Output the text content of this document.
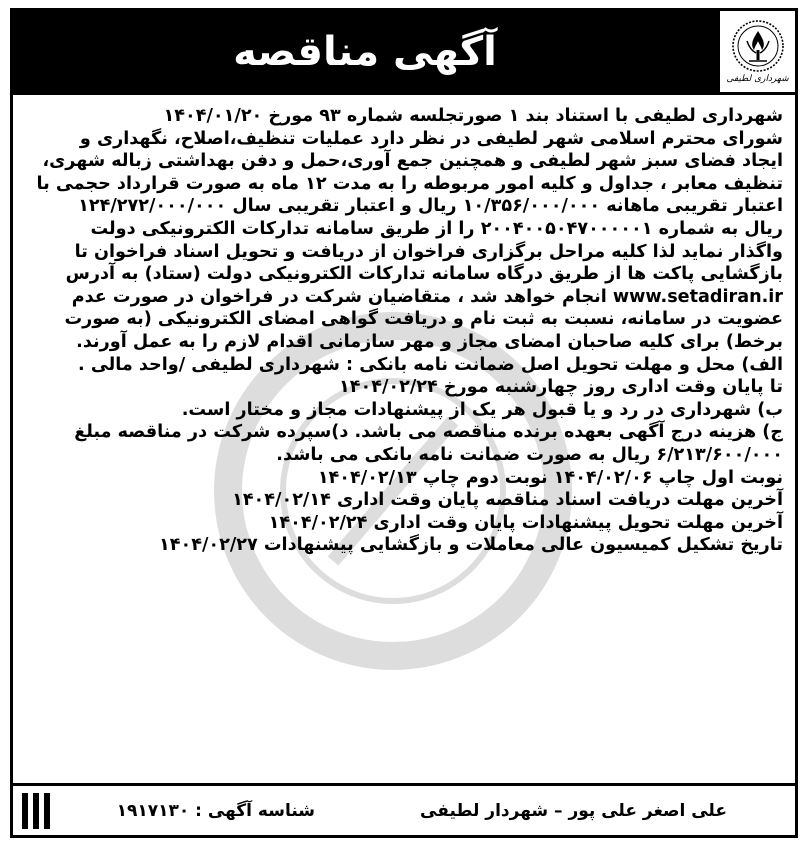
آگهی مناقصه
شهرداری لطیفی

شهرداری لطیفی با استناد بند ۱ صورتجلسه شماره ۹۳ مورخ ۱۴۰۴/۰۱/۲۰
شورای محترم اسلامی شهر لطیفی در نظر دارد عملیات تنظیف،اصلاح، نگهداری و
ایجاد فضای سبز شهر لطیفی و همچنین جمع آوری،حمل و دفن بهداشتی زباله شهری،
تنظیف معابر ، جداول و کلیه امور مربوطه را به مدت ۱۲ ماه به صورت قرارداد حجمی با
اعتبار تقریبی ماهانه ۱۰/۳۵۶/۰۰۰/۰۰۰ ریال و اعتبار تقریبی سال ۱۲۴/۲۷۲/۰۰۰/۰۰۰
ریال به شماره ۲۰۰۴۰۰۵۰۴۷۰۰۰۰۰۱ را از طریق سامانه تدارکات الکترونیکی دولت
واگذار نماید لذا کلیه مراحل برگزاری فراخوان از دریافت و تحویل اسناد فراخوان تا
بازگشایی پاکت ها از طریق درگاه سامانه تدارکات الکترونیکی دولت (ستاد) به آدرس
www.setadiran.ir انجام خواهد شد ، متقاضیان شرکت در فراخوان در صورت عدم
عضویت در سامانه، نسبت به ثبت نام و دریافت گواهی امضای الکترونیکی (به صورت
برخط) برای کلیه صاحبان امضای مجاز و مهر سازمانی اقدام لازم را به عمل آورند.
الف) محل و مهلت تحویل اصل ضمانت نامه بانکی : شهرداری لطیفی /واحد مالی .
تا پایان وقت اداری روز چهارشنبه مورخ ۱۴۰۴/۰۲/۲۴
ب) شهرداری در رد و یا قبول هر یک از پیشنهادات مجاز و مختار است.
ج) هزینه درج آگهی بعهده برنده مناقصه می باشد. د)سپرده شرکت در مناقصه مبلغ
۶/۲۱۳/۶۰۰/۰۰۰ ریال به صورت ضمانت نامه بانکی می باشد.
نوبت اول چاپ ۱۴۰۴/۰۲/۰۶ نوبت دوم چاپ ۱۴۰۴/۰۲/۱۳
آخرین مهلت دریافت اسناد مناقصه پایان وقت اداری ۱۴۰۴/۰۲/۱۴
آخرین مهلت تحویل پیشنهادات پایان وقت اداری ۱۴۰۴/۰۲/۲۴
تاریخ تشکیل کمیسیون عالی معاملات و بازگشایی پیشنهادات ۱۴۰۴/۰۲/۲۷

علی اصغر علی پور – شهردار لطیفی
شناسه آگهی : ۱۹۱۷۱۳۰
